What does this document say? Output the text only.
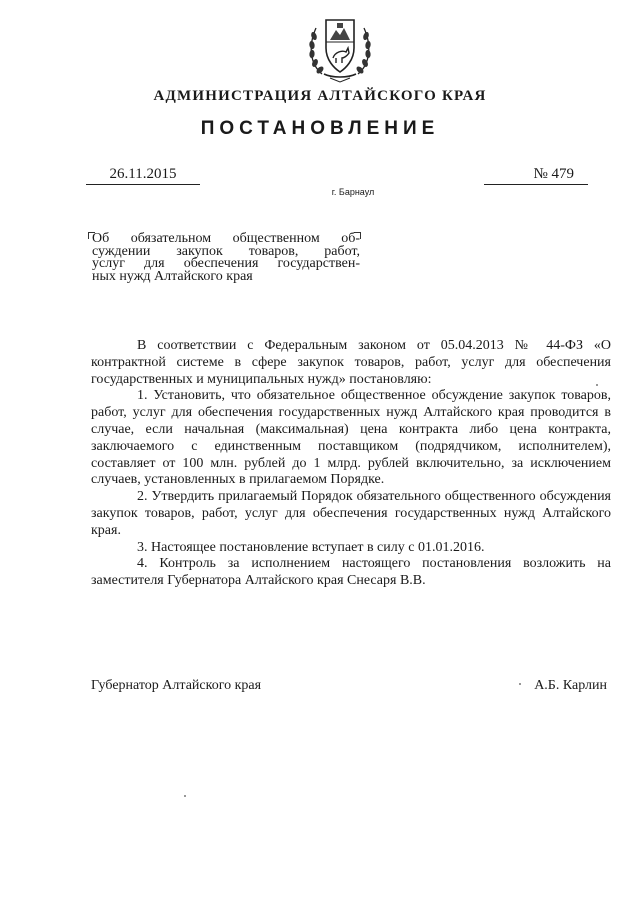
АДМИНИСТРАЦИЯ АЛТАЙСКОГО КРАЯ
ПОСТАНОВЛЕНИЕ
26.11.2015	№ 479
г. Барнаул
Об обязательном общественном об-
суждении закупок товаров, работ,
услуг для обеспечения государствен-
ных нужд Алтайского края

В соответствии с Федеральным законом от 05.04.2013 № 44-ФЗ «О контрактной системе в сфере закупок товаров, работ, услуг для обеспечения государственных и муниципальных нужд» постановляю:

1. Установить, что обязательное общественное обсуждение закупок товаров, работ, услуг для обеспечения государственных нужд Алтайского края проводится в случае, если начальная (максимальная) цена контракта либо цена контракта, заключаемого с единственным поставщиком (подрядчиком, исполнителем), составляет от 100 млн. рублей до 1 млрд. рублей включительно, за исключением случаев, установленных в прилагаемом Порядке.

2. Утвердить прилагаемый Порядок обязательного общественного обсуждения закупок товаров, работ, услуг для обеспечения государственных нужд Алтайского края.

3. Настоящее постановление вступает в силу с 01.01.2016.

4. Контроль за исполнением настоящего постановления возложить на заместителя Губернатора Алтайского края Снесаря В.В.

Губернатор Алтайского края	А.Б. Карлин
